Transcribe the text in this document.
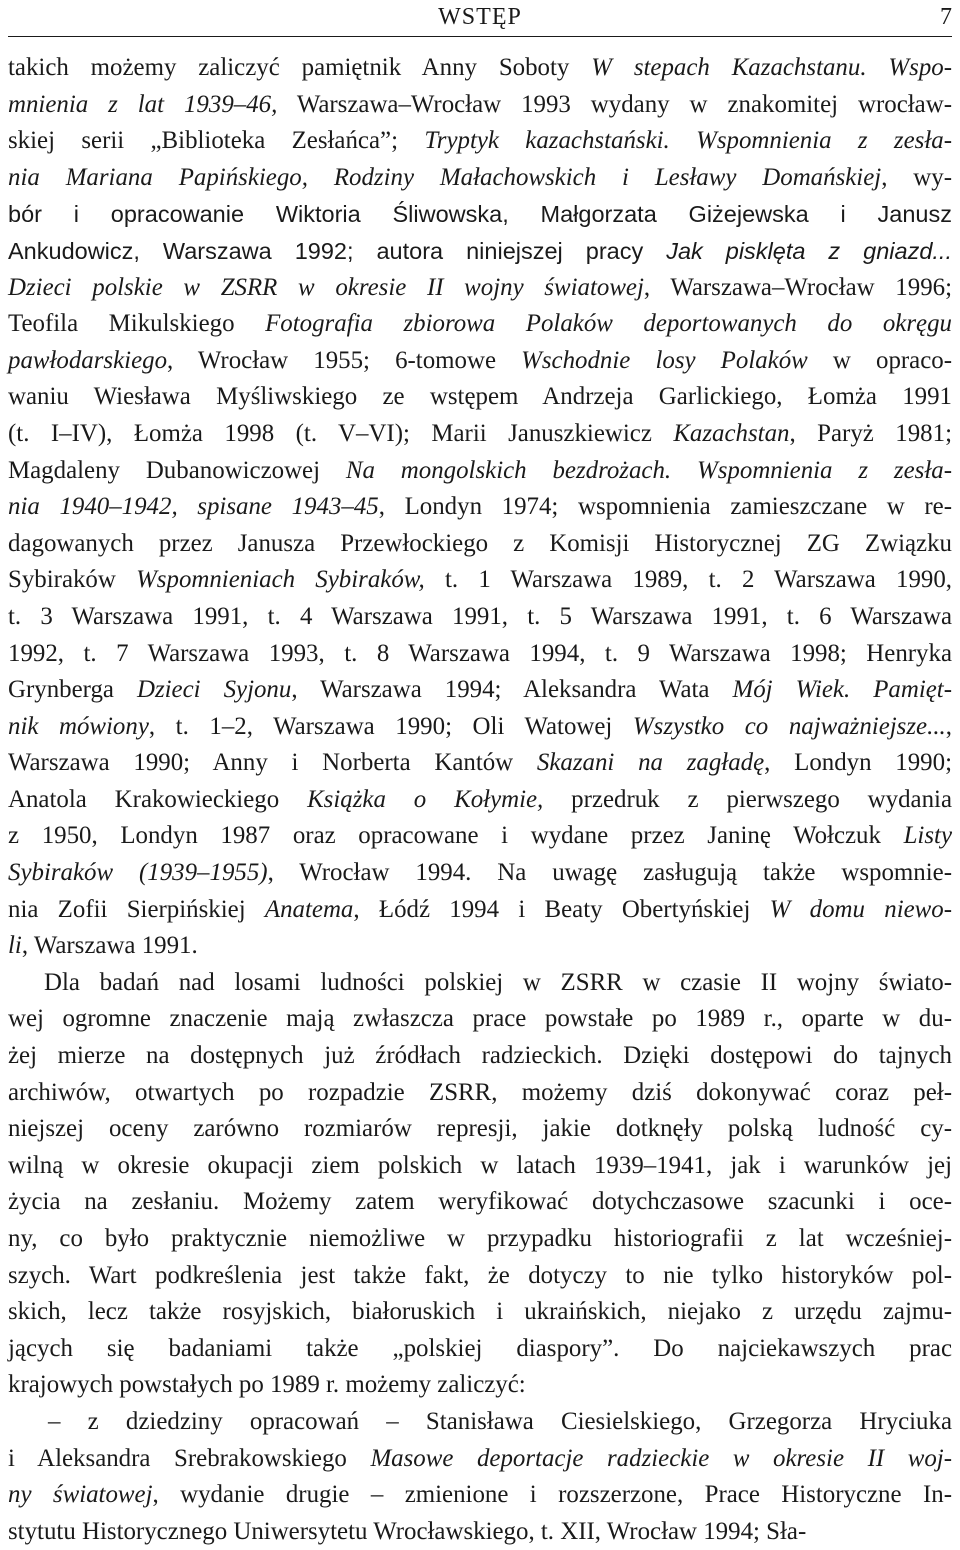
WSTĘP	7
takich możemy zaliczyć pamiętnik Anny Soboty W stepach Kazachstanu. Wspo-
mnienia z lat 1939–46, Warszawa–Wrocław 1993 wydany w znakomitej wrocław-
skiej serii „Biblioteka Zesłańca”; Tryptyk kazachstański. Wspomnienia z zesła-
nia Mariana Papińskiego, Rodziny Małachowskich i Lesławy Domańskiej, wy-
bór i opracowanie Wiktoria Śliwowska, Małgorzata Giżejewska i Janusz
Ankudowicz, Warszawa 1992; autora niniejszej pracy Jak pisklęta z gniazd...
Dzieci polskie w ZSRR w okresie II wojny światowej, Warszawa–Wrocław 1996;
Teofila Mikulskiego Fotografia zbiorowa Polaków deportowanych do okręgu
pawłodarskiego, Wrocław 1955; 6-tomowe Wschodnie losy Polaków w opraco-
waniu Wiesława Myśliwskiego ze wstępem Andrzeja Garlickiego, Łomża 1991
(t. I–IV), Łomża 1998 (t. V–VI); Marii Januszkiewicz Kazachstan, Paryż 1981;
Magdaleny Dubanowiczowej Na mongolskich bezdrożach. Wspomnienia z zesła-
nia 1940–1942, spisane 1943–45, Londyn 1974; wspomnienia zamieszczane w re-
dagowanych przez Janusza Przewłockiego z Komisji Historycznej ZG Związku
Sybiraków Wspomnieniach Sybiraków, t. 1 Warszawa 1989, t. 2 Warszawa 1990,
t. 3 Warszawa 1991, t. 4 Warszawa 1991, t. 5 Warszawa 1991, t. 6 Warszawa
1992, t. 7 Warszawa 1993, t. 8 Warszawa 1994, t. 9 Warszawa 1998; Henryka
Grynberga Dzieci Syjonu, Warszawa 1994; Aleksandra Wata Mój Wiek. Pamięt-
nik mówiony, t. 1–2, Warszawa 1990; Oli Watowej Wszystko co najważniejsze...,
Warszawa 1990; Anny i Norberta Kantów Skazani na zagładę, Londyn 1990;
Anatola Krakowieckiego Książka o Kołymie, przedruk z pierwszego wydania
z 1950, Londyn 1987 oraz opracowane i wydane przez Janinę Wołczuk Listy
Sybiraków (1939–1955), Wrocław 1994. Na uwagę zasługują także wspomnie-
nia Zofii Sierpińskiej Anatema, Łódź 1994 i Beaty Obertyńskiej W domu niewo-
li, Warszawa 1991.
Dla badań nad losami ludności polskiej w ZSRR w czasie II wojny świato-
wej ogromne znaczenie mają zwłaszcza prace powstałe po 1989 r., oparte w du-
żej mierze na dostępnych już źródłach radzieckich. Dzięki dostępowi do tajnych
archiwów, otwartych po rozpadzie ZSRR, możemy dziś dokonywać coraz peł-
niejszej oceny zarówno rozmiarów represji, jakie dotknęły polską ludność cy-
wilną w okresie okupacji ziem polskich w latach 1939–1941, jak i warunków jej
życia na zesłaniu. Możemy zatem weryfikować dotychczasowe szacunki i oce-
ny, co było praktycznie niemożliwe w przypadku historiografii z lat wcześniej-
szych. Wart podkreślenia jest także fakt, że dotyczy to nie tylko historyków pol-
skich, lecz także rosyjskich, białoruskich i ukraińskich, niejako z urzędu zajmu-
jących się badaniami także „polskiej diaspory”. Do najciekawszych prac
krajowych powstałych po 1989 r. możemy zaliczyć:
– z dziedziny opracowań – Stanisława Ciesielskiego, Grzegorza Hryciuka
i Aleksandra Srebrakowskiego Masowe deportacje radzieckie w okresie II woj-
ny światowej, wydanie drugie – zmienione i rozszerzone, Prace Historyczne In-
stytutu Historycznego Uniwersytetu Wrocławskiego, t. XII, Wrocław 1994; Sła-
